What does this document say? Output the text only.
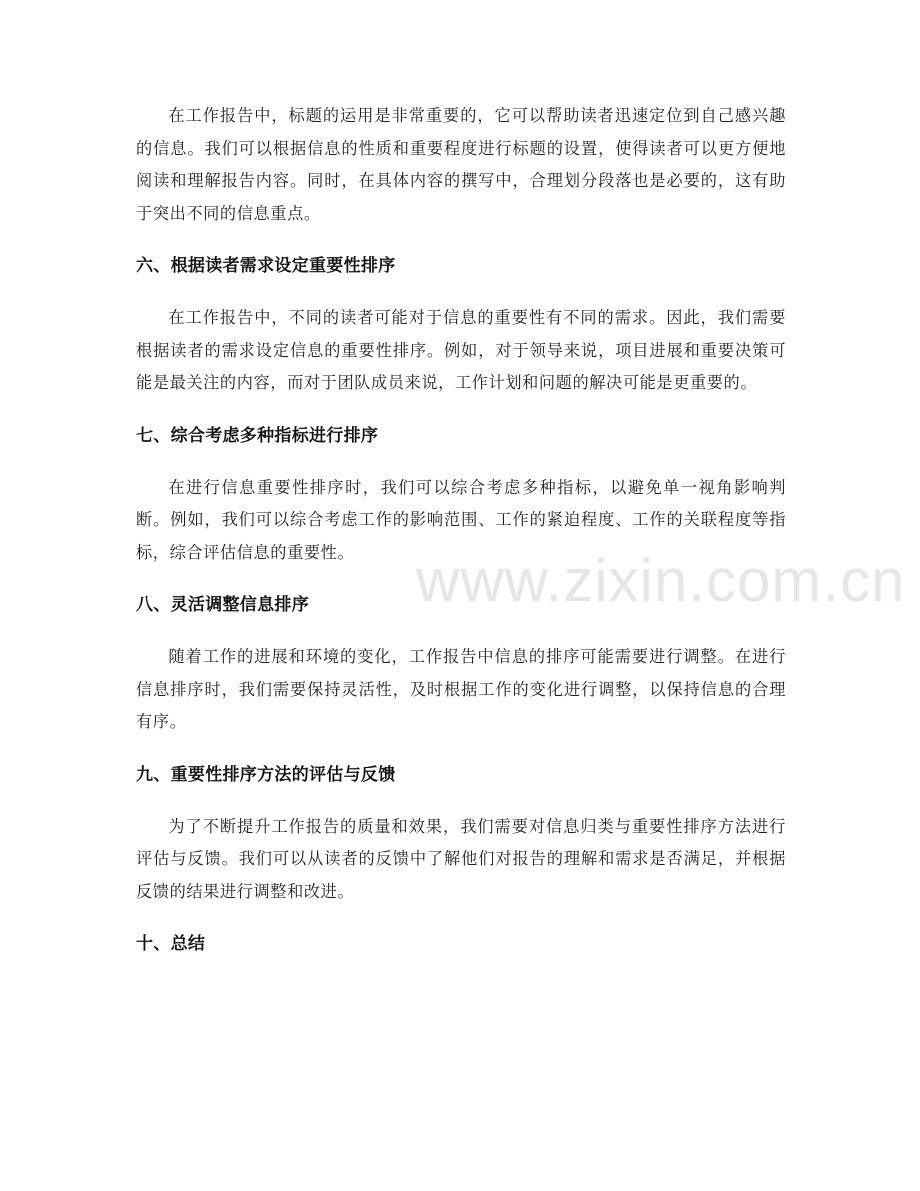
www.zixin.com.cn

在工作报告中，标题的运用是非常重要的，它可以帮助读者迅速定位到自己感兴趣的信息。我们可以根据信息的性质和重要程度进行标题的设置，使得读者可以更方便地阅读和理解报告内容。同时，在具体内容的撰写中，合理划分段落也是必要的，这有助于突出不同的信息重点。

六、根据读者需求设定重要性排序

在工作报告中，不同的读者可能对于信息的重要性有不同的需求。因此，我们需要根据读者的需求设定信息的重要性排序。例如，对于领导来说，项目进展和重要决策可能是最关注的内容，而对于团队成员来说，工作计划和问题的解决可能是更重要的。

七、综合考虑多种指标进行排序

在进行信息重要性排序时，我们可以综合考虑多种指标，以避免单一视角影响判断。例如，我们可以综合考虑工作的影响范围、工作的紧迫程度、工作的关联程度等指标，综合评估信息的重要性。

八、灵活调整信息排序

随着工作的进展和环境的变化，工作报告中信息的排序可能需要进行调整。在进行信息排序时，我们需要保持灵活性，及时根据工作的变化进行调整，以保持信息的合理有序。

九、重要性排序方法的评估与反馈

为了不断提升工作报告的质量和效果，我们需要对信息归类与重要性排序方法进行评估与反馈。我们可以从读者的反馈中了解他们对报告的理解和需求是否满足，并根据反馈的结果进行调整和改进。

十、总结
